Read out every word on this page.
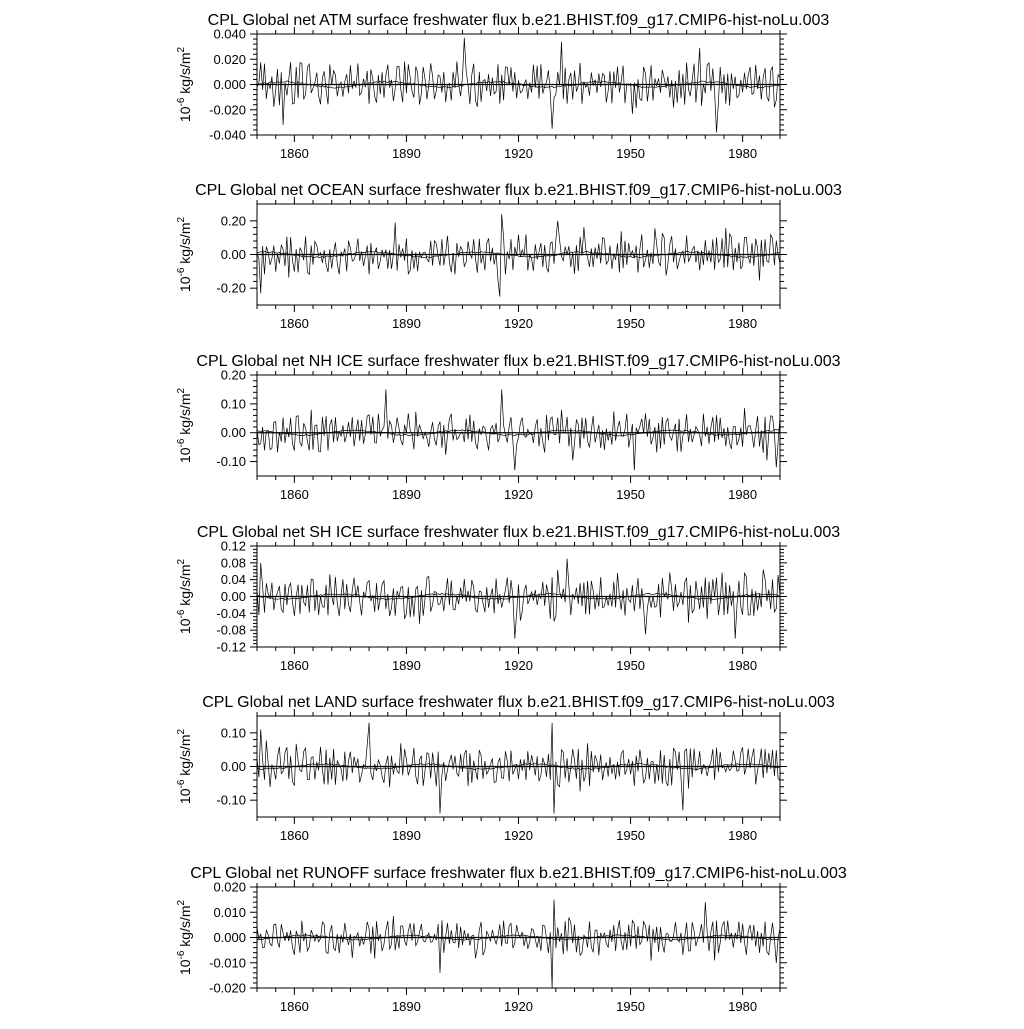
CPL Global net ATM surface freshwater flux b.e21.BHIST.f09_g17.CMIP6-hist-noLu.003
$10^{-6}$ $kg/s/m^2$
1860	1890	1920	1950	1980
-0.040
-0.020
0.000
0.020
0.040
CPL Global net OCEAN surface freshwater flux b.e21.BHIST.f09_g17.CMIP6-hist-noLu.003
$10^{-6}$ $kg/s/m^2$
1860	1890	1920	1950	1980
-0.20
0.00
0.20
CPL Global net NH ICE surface freshwater flux b.e21.BHIST.f09_g17.CMIP6-hist-noLu.003
$10^{-6}$ $kg/s/m^2$
1860	1890	1920	1950	1980
-0.10
0.00
0.10
0.20
CPL Global net SH ICE surface freshwater flux b.e21.BHIST.f09_g17.CMIP6-hist-noLu.003
$10^{-6}$ $kg/s/m^2$
1860	1890	1920	1950	1980
-0.12
-0.08
-0.04
0.00
0.04
0.08
0.12
CPL Global net LAND surface freshwater flux b.e21.BHIST.f09_g17.CMIP6-hist-noLu.003
$10^{-6}$ $kg/s/m^2$
1860	1890	1920	1950	1980
-0.10
0.00
0.10
CPL Global net RUNOFF surface freshwater flux b.e21.BHIST.f09_g17.CMIP6-hist-noLu.003
$10^{-6}$ $kg/s/m^2$
1860	1890	1920	1950	1980
-0.020
-0.010
0.000
0.010
0.020
